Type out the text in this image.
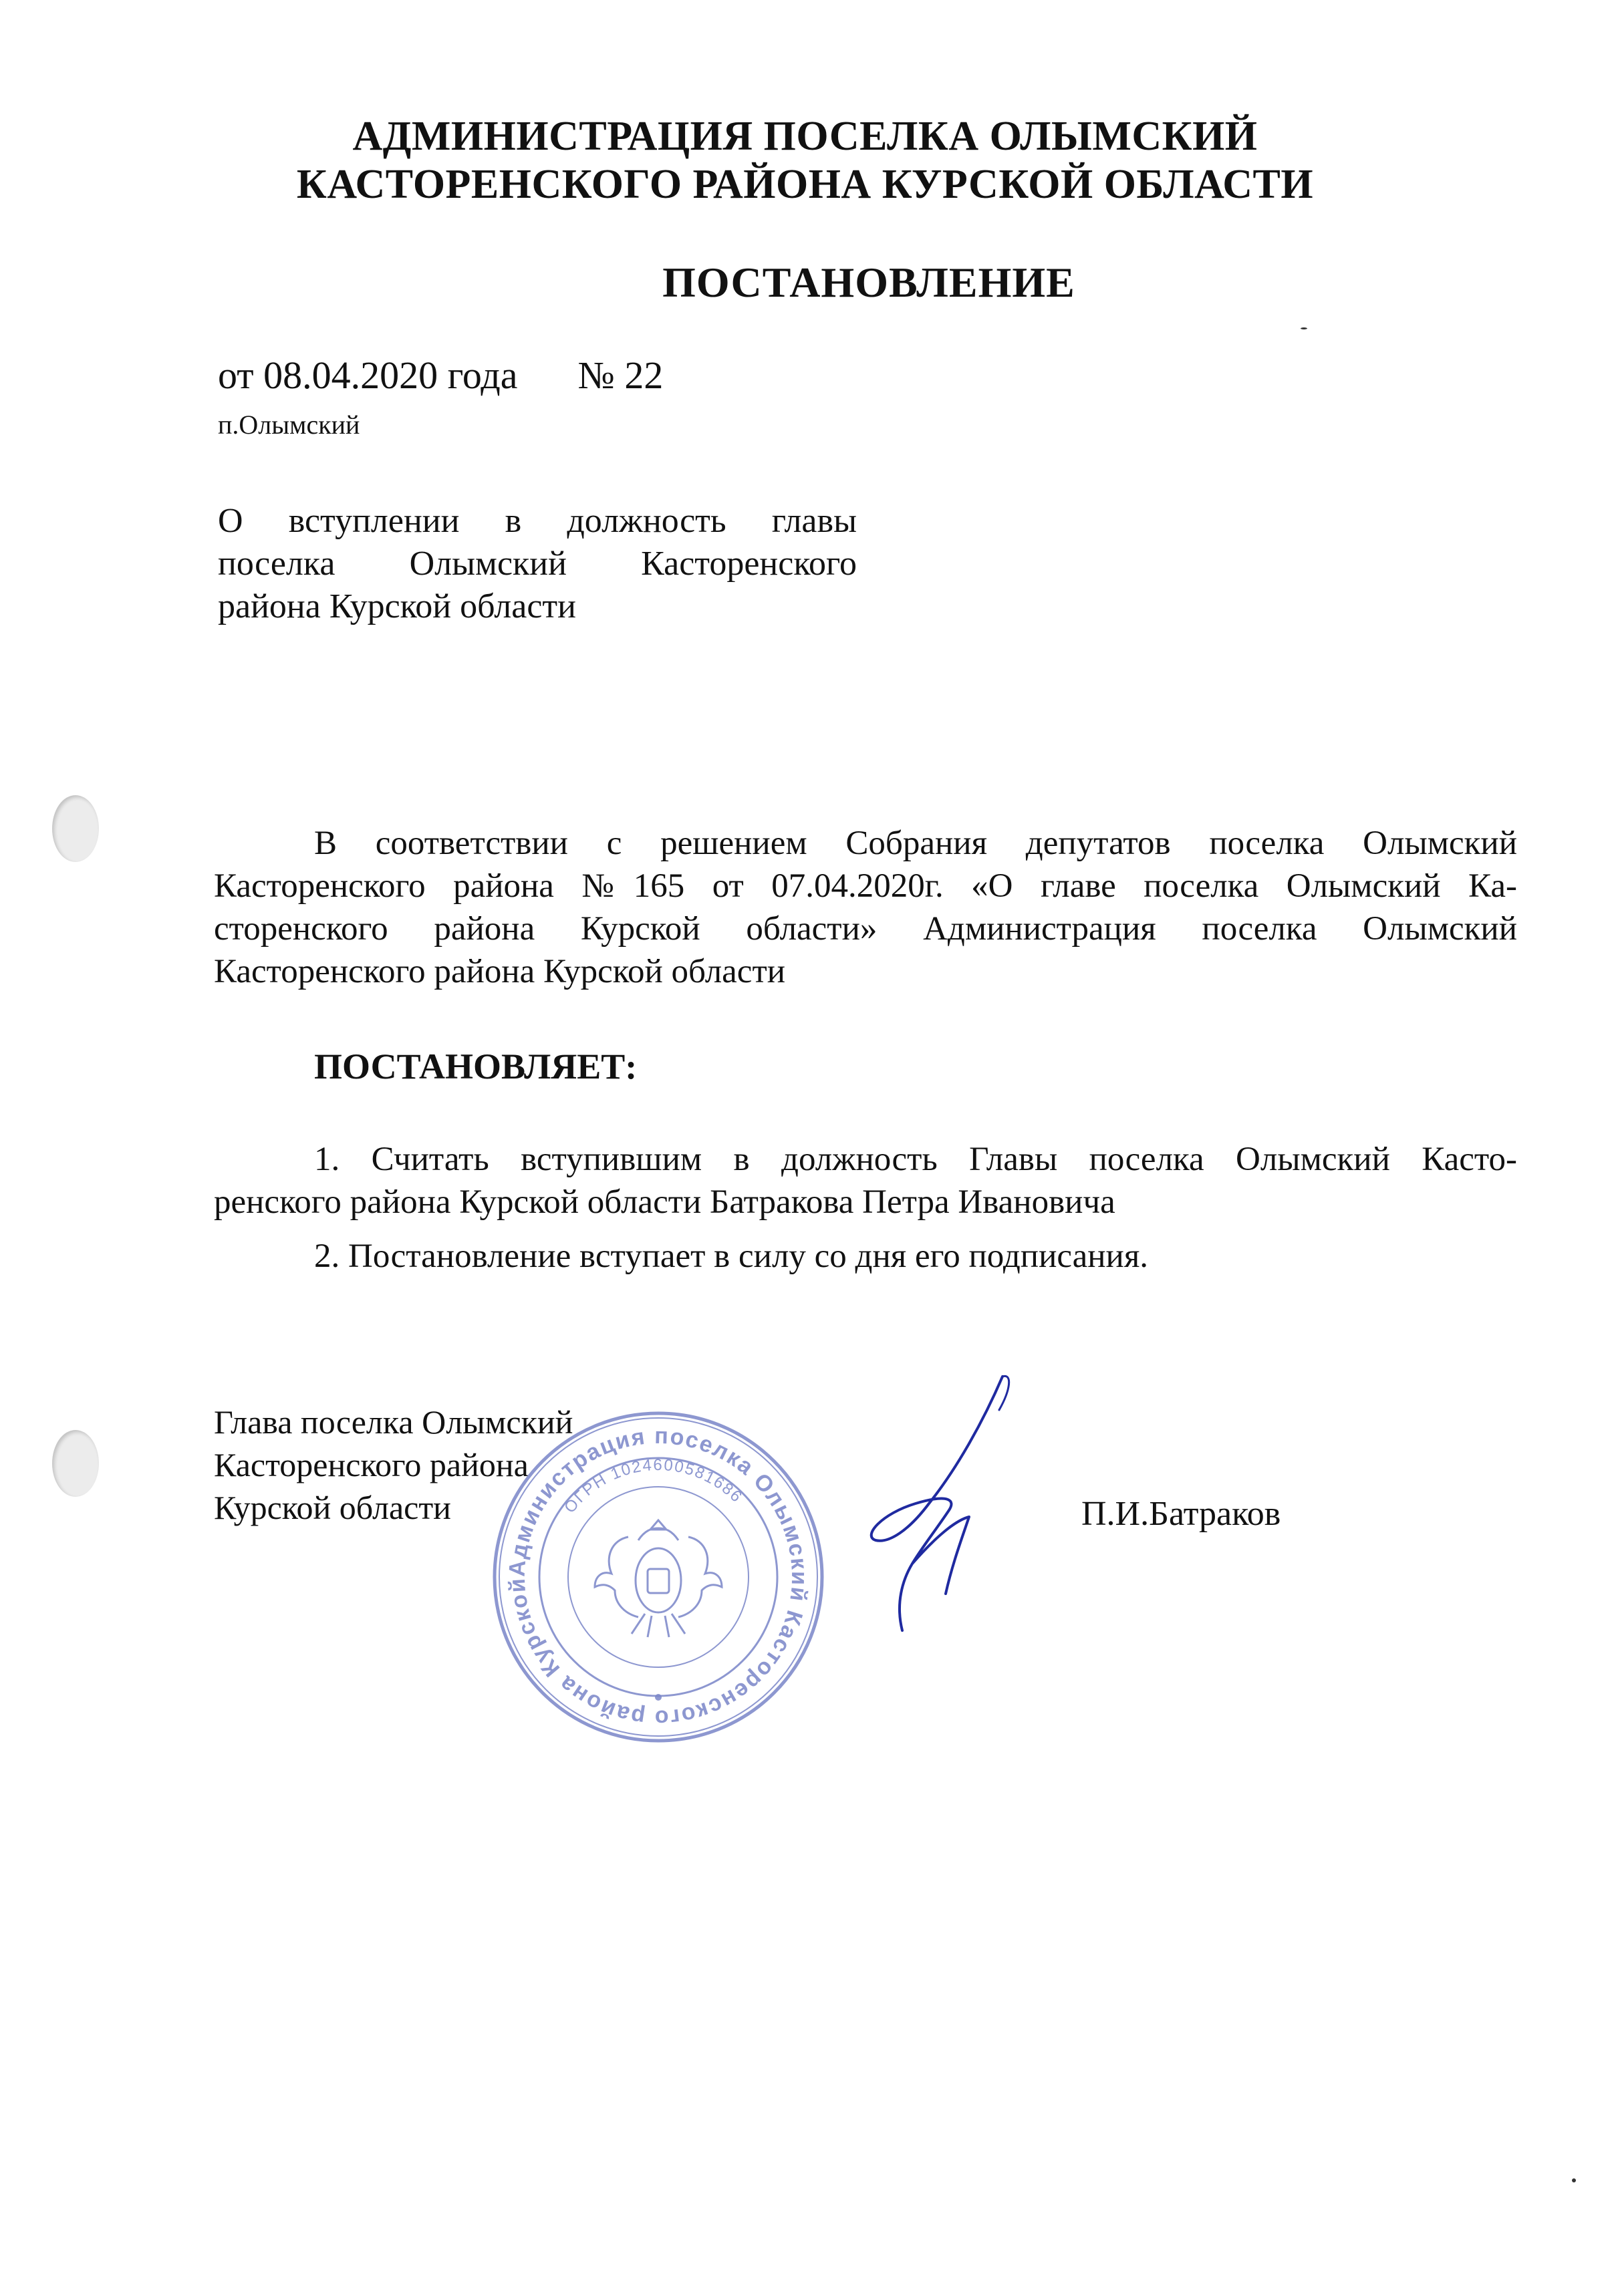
АДМИНИСТРАЦИЯ ПОСЕЛКА ОЛЫМСКИЙ
КАСТОРЕНСКОГО РАЙОНА КУРСКОЙ ОБЛАСТИ
ПОСТАНОВЛЕНИЕ
от 08.04.2020 года № 22
п.Олымский
О вступлении в должность главы
поселка Олымский Касторенского
района Курской области
В соответствии с решением Собрания депутатов поселка Олымский
Касторенского района №165 от 07.04.2020г. «О главе поселка Олымский Ка-
сторенского района Курской области» Администрация поселка Олымский
Касторенского района Курской области
ПОСТАНОВЛЯЕТ:
1. Считать вступившим в должность Главы поселка Олымский Касто-
ренского района Курской области Батракова Петра Ивановича
2. Постановление вступает в силу со дня его подписания.
Глава поселка Олымский
Касторенского района
Курской области	П.И.Батраков
Администрация поселка Олымский Касторенского района Курской
ОГРН 1024600581686
